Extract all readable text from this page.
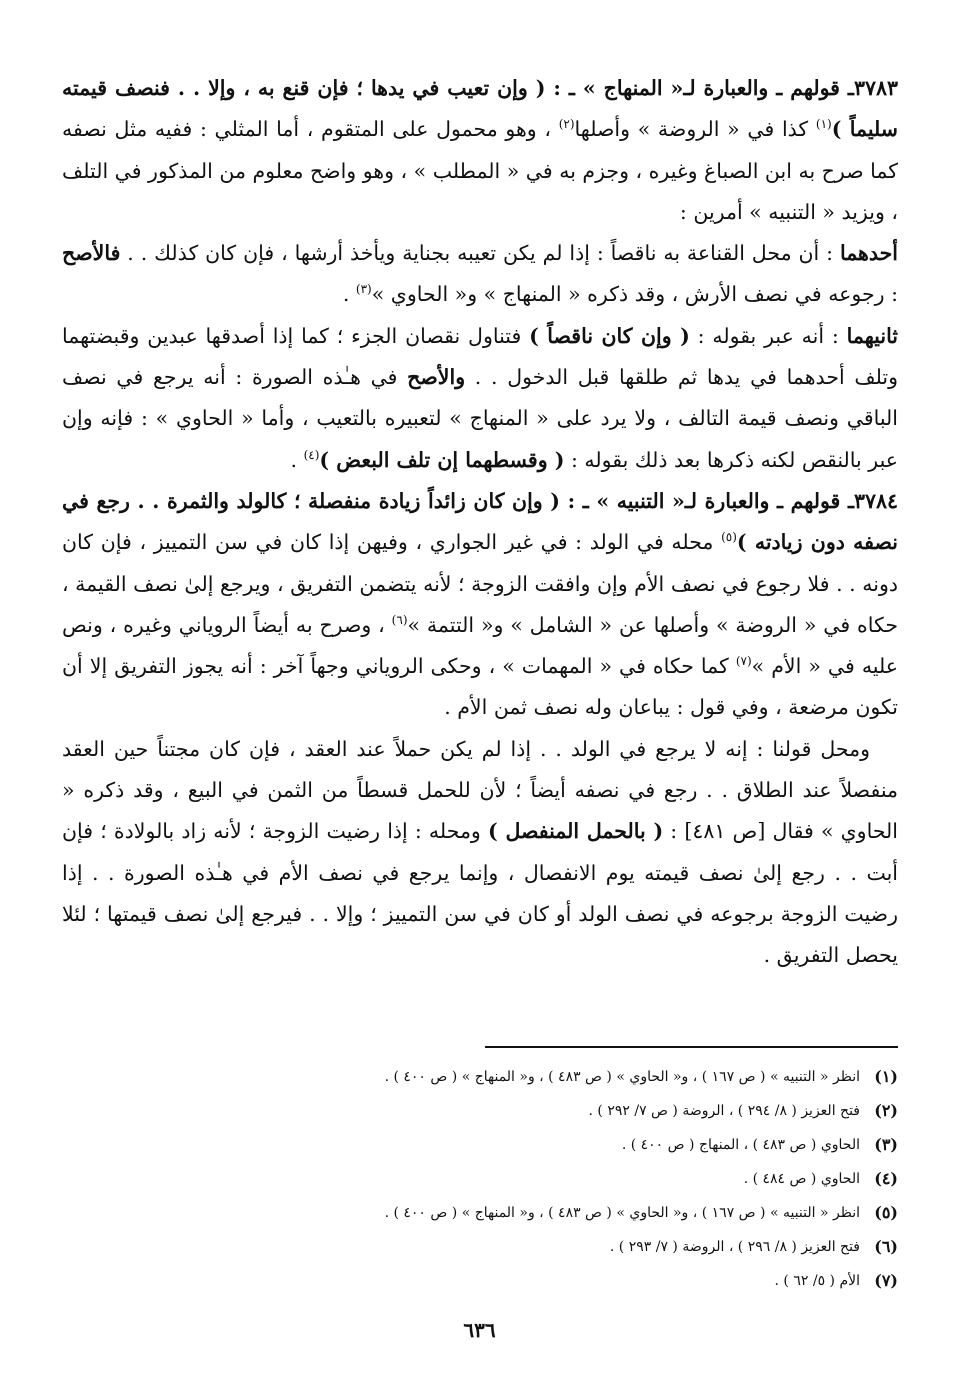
٣٧٨٣ـ قولهم ـ والعبارة لـ« المنهاج » ـ : ( وإن تعيب في يدها ؛ فإن قنع به ، وإلا . . فنصف قيمته سليماً )$^{(١)}$ كذا في « الروضة » وأصلها$^{(٢)}$ ، وهو محمول على المتقوم ، أما المثلي : ففيه مثل نصفه كما صرح به ابن الصباغ وغيره ، وجزم به في « المطلب » ، وهو واضح معلوم من المذكور في التلف ، ويزيد « التنبيه » أمرين :

أحدهما : أن محل القناعة به ناقصاً : إذا لم يكن تعيبه بجناية ويأخذ أرشها ، فإن كان كذلك . . فالأصح : رجوعه في نصف الأرش ، وقد ذكره « المنهاج » و« الحاوي »$^{(٣)}$ .

ثانيهما : أنه عبر بقوله : ( وإن كان ناقصاً ) فتناول نقصان الجزء ؛ كما إذا أصدقها عبدين وقبضتهما وتلف أحدهما في يدها ثم طلقها قبل الدخول . . والأصح في هـٰذه الصورة : أنه يرجع في نصف الباقي ونصف قيمة التالف ، ولا يرد على « المنهاج » لتعبيره بالتعيب ، وأما « الحاوي » : فإنه وإن عبر بالنقص لكنه ذكرها بعد ذلك بقوله : ( وقسطهما إن تلف البعض )$^{(٤)}$ .

٣٧٨٤ـ قولهم ـ والعبارة لـ« التنبيه » ـ : ( وإن كان زائداً زيادة منفصلة ؛ كالولد والثمرة . . رجع في نصفه دون زيادته )$^{(٥)}$ محله في الولد : في غير الجواري ، وفيهن إذا كان في سن التمييز ، فإن كان دونه . . فلا رجوع في نصف الأم وإن وافقت الزوجة ؛ لأنه يتضمن التفريق ، ويرجع إلىٰ نصف القيمة ، حكاه في « الروضة » وأصلها عن « الشامل » و« التتمة »$^{(٦)}$ ، وصرح به أيضاً الروياني وغيره ، ونص عليه في « الأم »$^{(٧)}$ كما حكاه في « المهمات » ، وحكى الروياني وجهاً آخر : أنه يجوز التفريق إلا أن تكون مرضعة ، وفي قول : يباعان وله نصف ثمن الأم .

ومحل قولنا : إنه لا يرجع في الولد . . إذا لم يكن حملاً عند العقد ، فإن كان مجتناً حين العقد منفصلاً عند الطلاق . . رجع في نصفه أيضاً ؛ لأن للحمل قسطاً من الثمن في البيع ، وقد ذكره « الحاوي » فقال [ص ٤٨١] : ( بالحمل المنفصل ) ومحله : إذا رضيت الزوجة ؛ لأنه زاد بالولادة ؛ فإن أبت . . رجع إلىٰ نصف قيمته يوم الانفصال ، وإنما يرجع في نصف الأم في هـٰذه الصورة . . إذا رضيت الزوجة برجوعه في نصف الولد أو كان في سن التمييز ؛ وإلا . . فيرجع إلىٰ نصف قيمتها ؛ لئلا يحصل التفريق .

(١)
انظر « التنبيه » ( ص ١٦٧ ) ، و« الحاوي » ( ص ٤٨٣ ) ، و« المنهاج » ( ص ٤٠٠ ) .
(٢)
فتح العزيز ( ٨/ ٢٩٤ ) ، الروضة ( ص ٧/ ٢٩٢ ) .
(٣)
الحاوي ( ص ٤٨٣ ) ، المنهاج ( ص ٤٠٠ ) .
(٤)
الحاوي ( ص ٤٨٤ ) .
(٥)
انظر « التنبيه » ( ص ١٦٧ ) ، و« الحاوي » ( ص ٤٨٣ ) ، و« المنهاج » ( ص ٤٠٠ ) .
(٦)
فتح العزيز ( ٨/ ٢٩٦ ) ، الروضة ( ٧/ ٢٩٣ ) .
(٧)
الأم ( ٥/ ٦٢ ) .
٦٣٦
